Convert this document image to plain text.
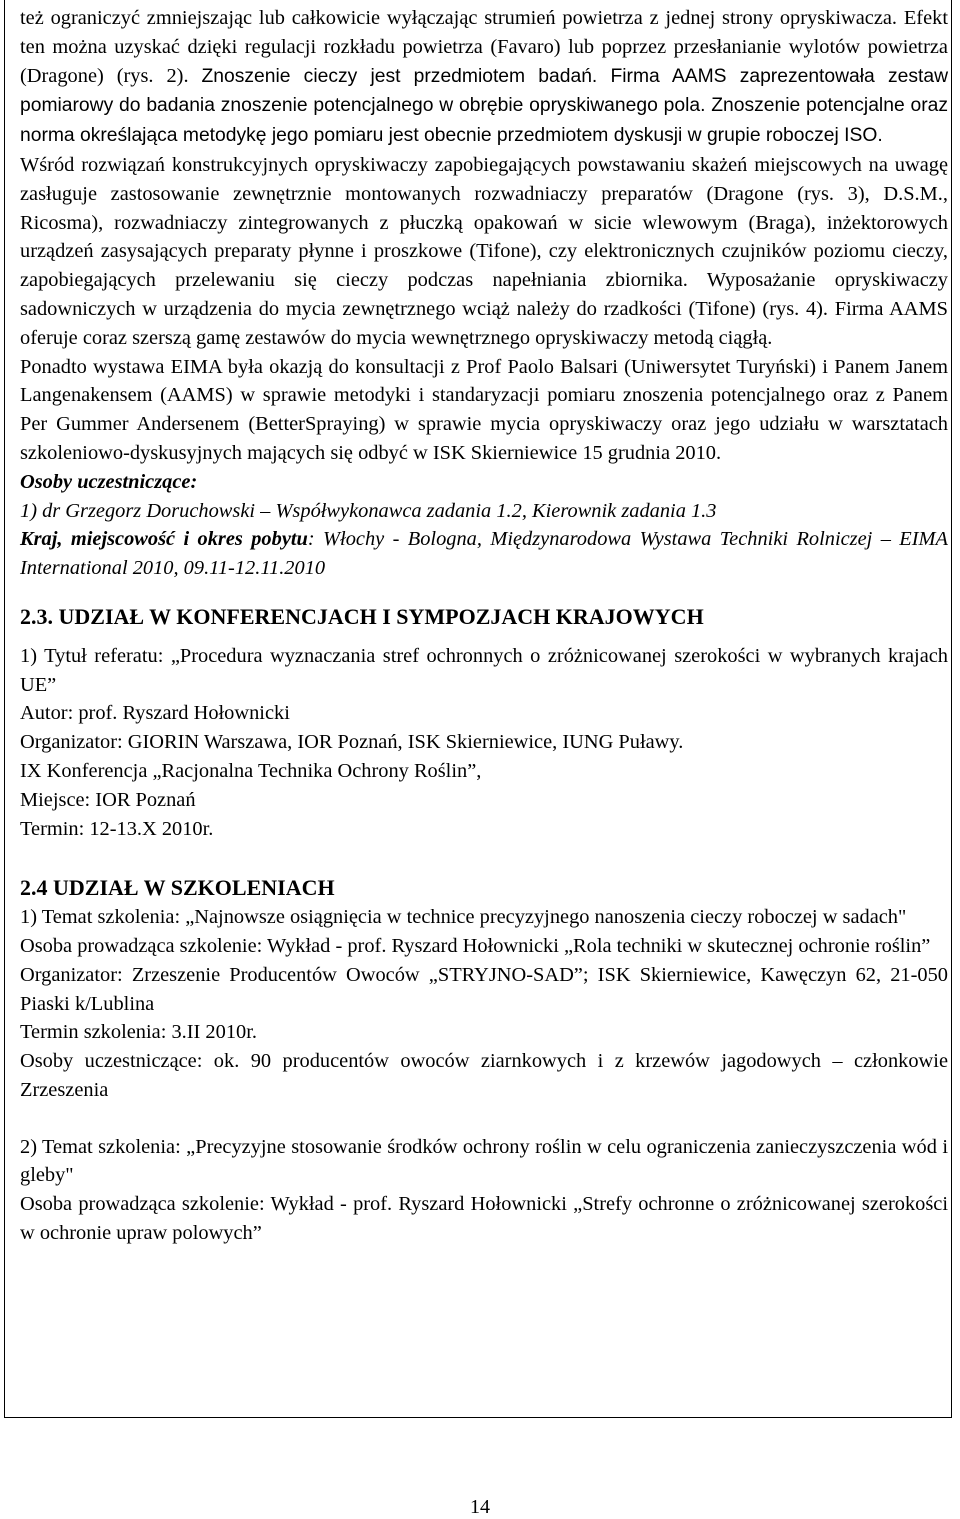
też ograniczyć zmniejszając lub całkowicie wyłączając strumień powietrza z jednej strony opryskiwacza. Efekt ten można uzyskać dzięki regulacji rozkładu powietrza (Favaro) lub poprzez przesłanianie wylotów powietrza (Dragone) (rys. 2). Znoszenie cieczy jest przedmiotem badań. Firma AAMS zaprezentowała zestaw pomiarowy do badania znoszenie potencjalnego w obrębie opryskiwanego pola. Znoszenie potencjalne oraz norma określająca metodykę jego pomiaru jest obecnie przedmiotem dyskusji w grupie roboczej ISO.

Wśród rozwiązań konstrukcyjnych opryskiwaczy zapobiegających powstawaniu skażeń miejscowych na uwagę zasługuje zastosowanie zewnętrznie montowanych rozwadniaczy preparatów (Dragone (rys. 3), D.S.M., Ricosma), rozwadniaczy zintegrowanych z płuczką opakowań w sicie wlewowym (Braga), inżektorowych urządzeń zasysających preparaty płynne i proszkowe (Tifone), czy elektronicznych czujników poziomu cieczy, zapobiegających przelewaniu się cieczy podczas napełniania zbiornika. Wyposażanie opryskiwaczy sadowniczych w urządzenia do mycia zewnętrznego wciąż należy do rzadkości (Tifone) (rys. 4). Firma AAMS oferuje coraz szerszą gamę zestawów do mycia wewnętrznego opryskiwaczy metodą ciągłą.

Ponadto wystawa EIMA była okazją do konsultacji z Prof Paolo Balsari (Uniwersytet Turyński) i Panem Janem Langenakensem (AAMS) w sprawie metodyki i standaryzacji pomiaru znoszenia potencjalnego oraz z Panem Per Gummer Andersenem (BetterSpraying) w sprawie mycia opryskiwaczy oraz jego udziału w warsztatach szkoleniowo-dyskusyjnych mających się odbyć w ISK Skierniewice 15 grudnia 2010.

Osoby uczestniczące:

1) dr Grzegorz Doruchowski – Współwykonawca zadania 1.2, Kierownik zadania 1.3

Kraj, miejscowość i okres pobytu: Włochy - Bologna, Międzynarodowa Wystawa Techniki Rolniczej – EIMA International 2010, 09.11-12.11.2010

2.3. UDZIAŁ W KONFERENCJACH I SYMPOZJACH KRAJOWYCH

1) Tytuł referatu: „Procedura wyznaczania stref ochronnych o zróżnicowanej szerokości w wybranych krajach UE”

Autor: prof. Ryszard Hołownicki

Organizator: GIORIN Warszawa, IOR Poznań, ISK Skierniewice, IUNG Puławy.

IX Konferencja „Racjonalna Technika Ochrony Roślin”,

Miejsce: IOR Poznań

Termin: 12-13.X 2010r.

2.4 UDZIAŁ W SZKOLENIACH

1) Temat szkolenia: „Najnowsze osiągnięcia w technice precyzyjnego nanoszenia cieczy roboczej w sadach"

Osoba prowadząca szkolenie: Wykład - prof. Ryszard Hołownicki „Rola techniki w skutecznej ochronie roślin”

Organizator: Zrzeszenie Producentów Owoców „STRYJNO-SAD”; ISK Skierniewice, Kawęczyn 62, 21-050 Piaski k/Lublina

Termin szkolenia: 3.II 2010r.

Osoby uczestniczące: ok. 90 producentów owoców ziarnkowych i z krzewów jagodowych – członkowie Zrzeszenia

2) Temat szkolenia: „Precyzyjne stosowanie środków ochrony roślin w celu ograniczenia zanieczyszczenia wód i gleby"

Osoba prowadząca szkolenie: Wykład - prof. Ryszard Hołownicki „Strefy ochronne o zróżnicowanej szerokości w ochronie upraw polowych”

14
